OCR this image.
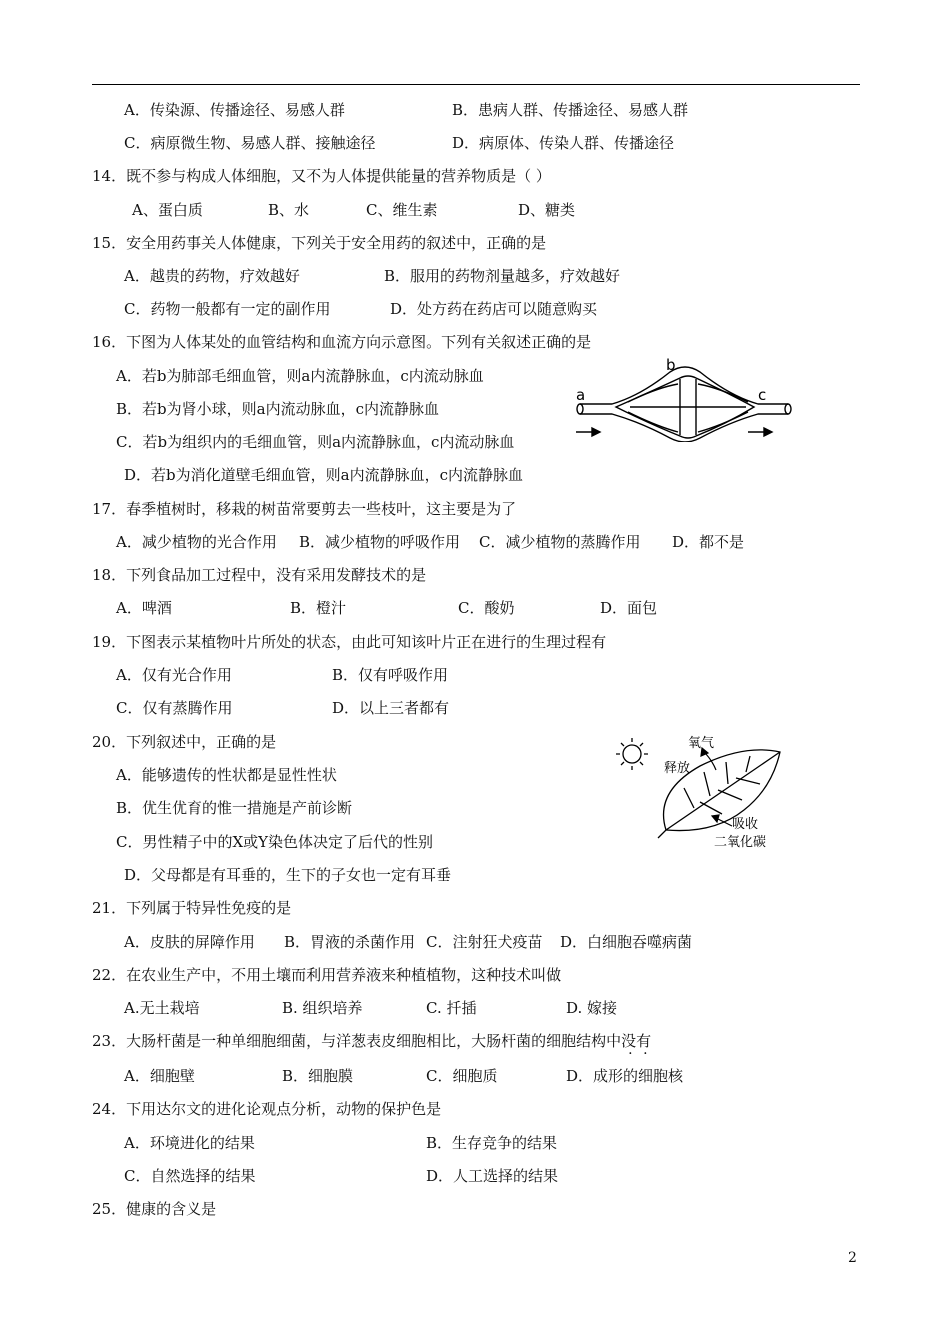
A．传染源、传播途径、易感人群	B．患病人群、传播途径、易感人群
C．病原微生物、易感人群、接触途径	D．病原体、传染人群、传播途径
14．既不参与构成人体细胞，又不为人体提供能量的营养物质是（ ）
A、蛋白质	B、水	C、维生素	D、糖类
15．安全用药事关人体健康，下列关于安全用药的叙述中，正确的是
A．越贵的药物，疗效越好	B．服用的药物剂量越多，疗效越好
C．药物一般都有一定的副作用	D．处方药在药店可以随意购买
16．下图为人体某处的血管结构和血流方向示意图。下列有关叙述正确的是
A．若b为肺部毛细血管，则a内流静脉血，c内流动脉血
B．若b为肾小球，则a内流动脉血，c内流静脉血
C．若b为组织内的毛细血管，则a内流静脉血，c内流动脉血
D．若b为消化道壁毛细血管，则a内流静脉血，c内流静脉血
b
a	c
17．春季植树时，移栽的树苗常要剪去一些枝叶，这主要是为了
A．减少植物的光合作用 B．减少植物的呼吸作用 C．减少植物的蒸腾作用 D．都不是
18．下列食品加工过程中，没有采用发酵技术的是
A．啤酒	B．橙汁	C．酸奶	D．面包
19．下图表示某植物叶片所处的状态，由此可知该叶片正在进行的生理过程有
A．仅有光合作用	B．仅有呼吸作用
C．仅有蒸腾作用	D．以上三者都有
20．下列叙述中，正确的是
A．能够遗传的性状都是显性性状
B．优生优育的惟一措施是产前诊断
C．男性精子中的X或Y染色体决定了后代的性别
D．父母都是有耳垂的，生下的子女也一定有耳垂
氧气
释放
吸收
二氧化碳
21．下列属于特异性免疫的是
A．皮肤的屏障作用 B．胃液的杀菌作用 C．注射狂犬疫苗 D．白细胞吞噬病菌
22．在农业生产中，不用土壤而利用营养液来种植植物，这种技术叫做
A.无土栽培	B. 组织培养	C. 扦插	D. 嫁接
23．大肠杆菌是一种单细胞细菌，与洋葱表皮细胞相比，大肠杆菌的细胞结构中没有
A．细胞壁	B．细胞膜	C．细胞质	D．成形的细胞核
24．下用达尔文的进化论观点分析，动物的保护色是
A．环境进化的结果	B．生存竞争的结果
C．自然选择的结果	D．人工选择的结果
25．健康的含义是
2
